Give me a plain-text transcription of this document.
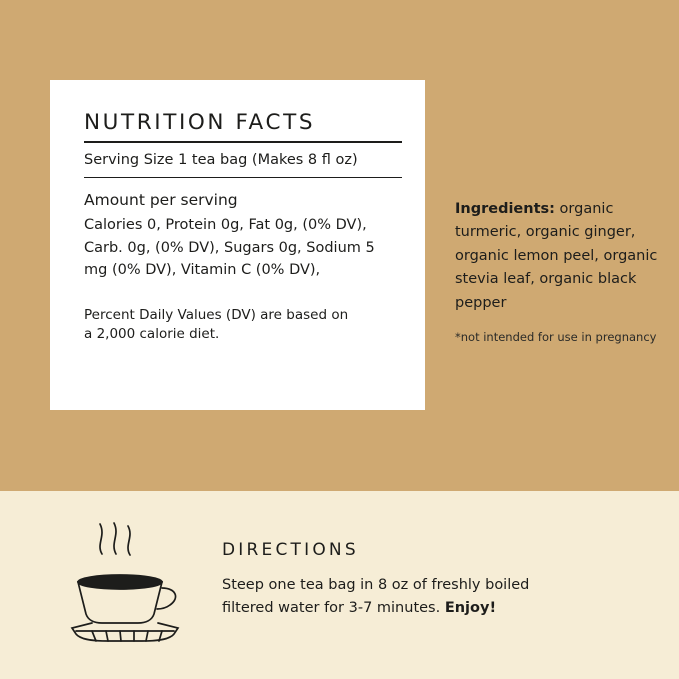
NUTRITION FACTS
Serving Size 1 tea bag (Makes 8 fl oz)
Amount per serving
Calories 0, Protein 0g, Fat 0g, (0% DV), Carb. 0g, (0% DV), Sugars 0g, Sodium 5 mg (0% DV), Vitamin C (0% DV),
Percent Daily Values (DV) are based on a 2,000 calorie diet.
Ingredients: organic turmeric, organic ginger, organic lemon peel, organic stevia leaf, organic black pepper
*not intended for use in pregnancy
DIRECTIONS
Steep one tea bag in 8 oz of freshly boiled filtered water for 3-7 minutes. Enjoy!
